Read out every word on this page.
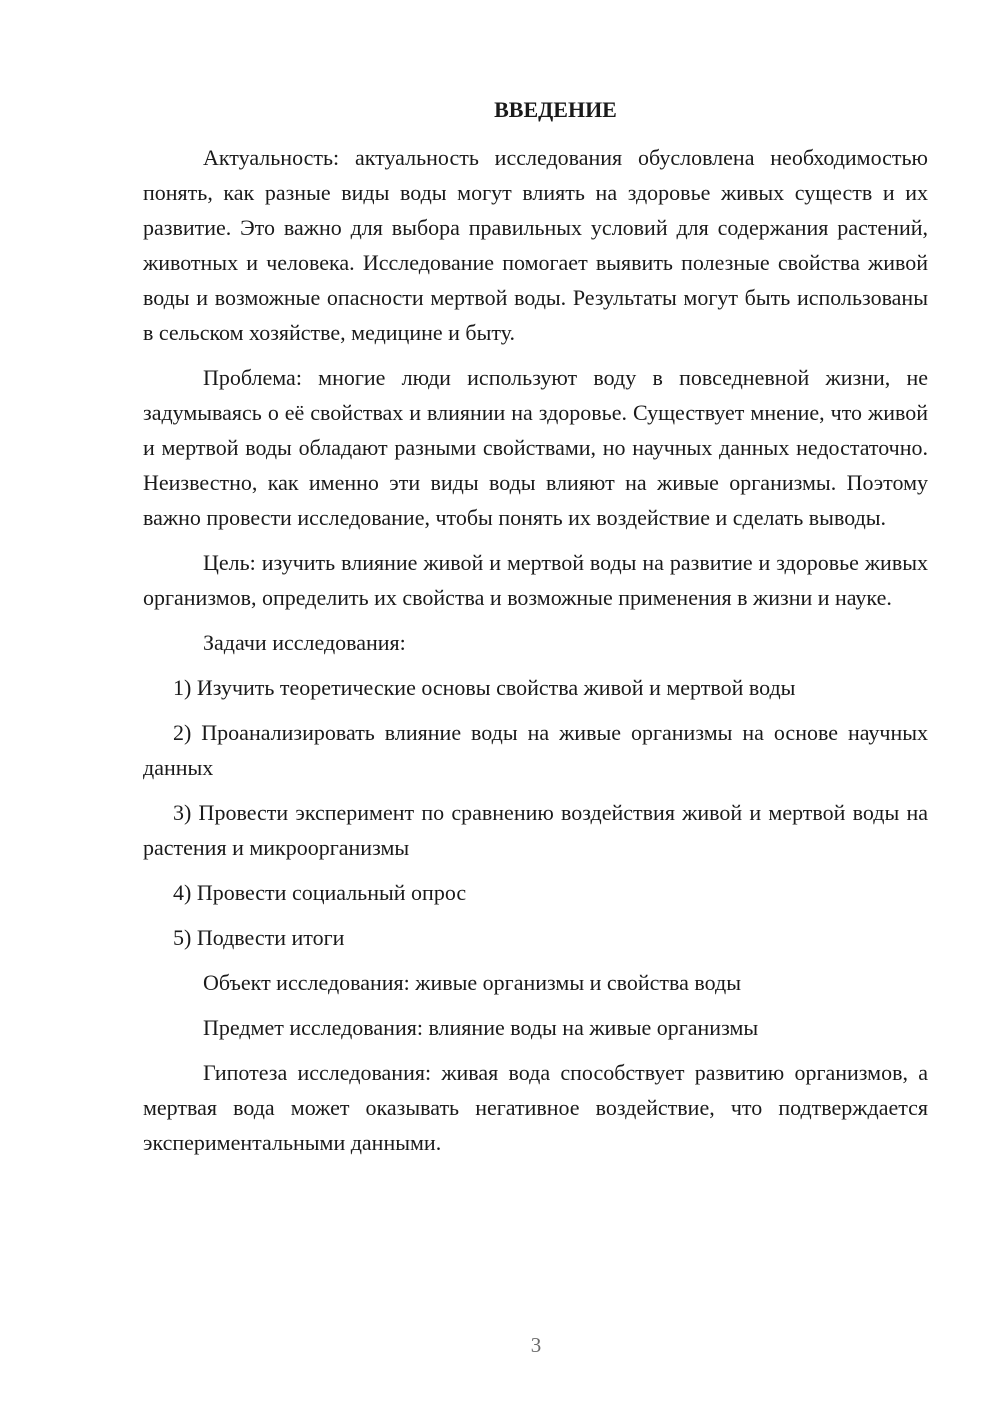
ВВЕДЕНИЕ

Актуальность: актуальность исследования обусловлена необходимостью понять, как разные виды воды могут влиять на здоровье живых существ и их развитие. Это важно для выбора правильных условий для содержания растений, животных и человека. Исследование помогает выявить полезные свойства живой воды и возможные опасности мертвой воды. Результаты могут быть использованы в сельском хозяйстве, медицине и быту.

Проблема: многие люди используют воду в повседневной жизни, не задумываясь о её свойствах и влиянии на здоровье. Существует мнение, что живой и мертвой воды обладают разными свойствами, но научных данных недостаточно. Неизвестно, как именно эти виды воды влияют на живые организмы. Поэтому важно провести исследование, чтобы понять их воздействие и сделать выводы.

Цель: изучить влияние живой и мертвой воды на развитие и здоровье живых организмов, определить их свойства и возможные применения в жизни и науке.

Задачи исследования:

1) Изучить теоретические основы свойства живой и мертвой воды

2) Проанализировать влияние воды на живые организмы на основе научных данных

3) Провести эксперимент по сравнению воздействия живой и мертвой воды на растения и микроорганизмы

4) Провести социальный опрос

5) Подвести итоги

Объект исследования: живые организмы и свойства воды

Предмет исследования: влияние воды на живые организмы

Гипотеза исследования: живая вода способствует развитию организмов, а мертвая вода может оказывать негативное воздействие, что подтверждается экспериментальными данными.

3
